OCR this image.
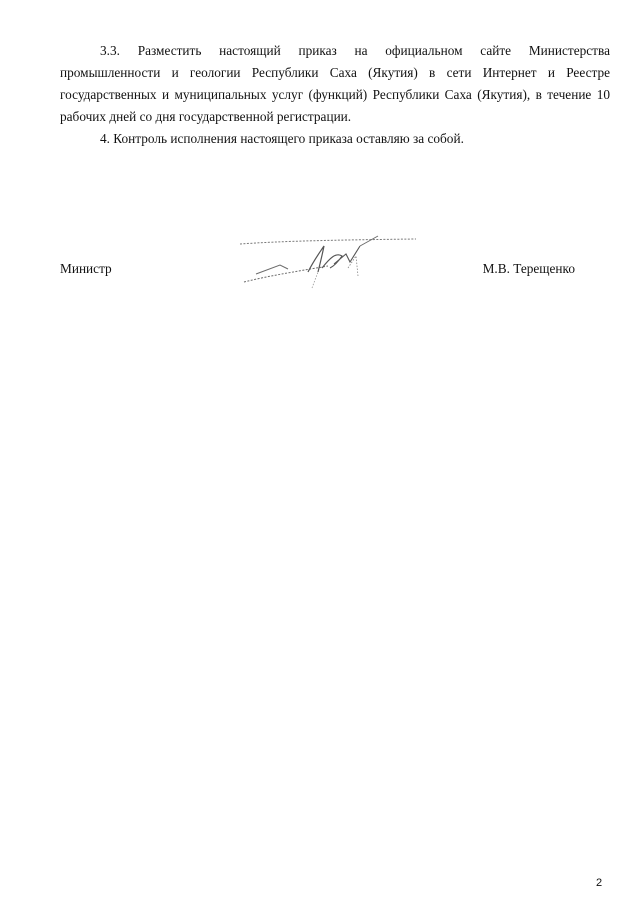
3.3. Разместить настоящий приказ на официальном сайте Министерства промышленности и геологии Республики Саха (Якутия) в сети Интернет и Реестре государственных и муниципальных услуг (функций) Республики Саха (Якутия), в течение 10 рабочих дней со дня государственной регистрации.

4. Контроль исполнения настоящего приказа оставляю за собой.

Министр	М.В. Терещенко
2
